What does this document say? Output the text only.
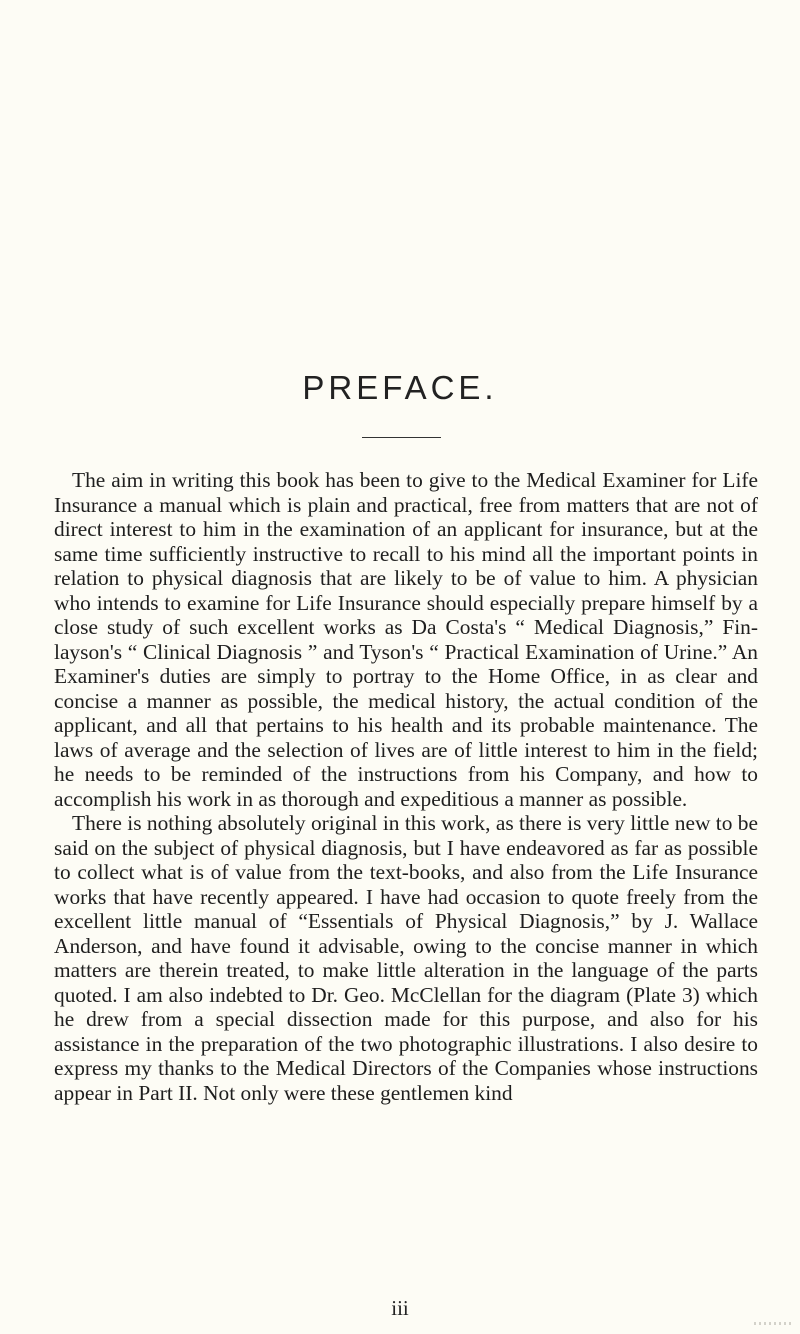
PREFACE.

The aim in writing this book has been to give to the Medical Examiner for Life Insurance a manual which is plain and practical, free from matters that are not of direct interest to him in the examination of an applicant for insurance, but at the same time sufficiently instructive to recall to his mind all the important points in relation to physical diagnosis that are likely to be of value to him. A physician who intends to examine for Life Insurance should especially prepare himself by a close study of such excellent works as Da Costa's “ Medical Diagnosis,” Finlayson's “ Clinical Diagnosis ” and Tyson's “ Practical Examination of Urine.” An Examiner's duties are simply to portray to the Home Office, in as clear and concise a manner as possible, the medical history, the actual condition of the applicant, and all that pertains to his health and its probable maintenance. The laws of average and the selection of lives are of little interest to him in the field; he needs to be reminded of the instructions from his Company, and how to accomplish his work in as thorough and expeditious a manner as possible.

There is nothing absolutely original in this work, as there is very little new to be said on the subject of physical diagnosis, but I have endeavored as far as possible to collect what is of value from the text-books, and also from the Life Insurance works that have recently appeared. I have had occasion to quote freely from the excellent little manual of “Essentials of Physical Diagnosis,” by J. Wallace Anderson, and have found it advisable, owing to the concise manner in which matters are therein treated, to make little alteration in the language of the parts quoted. I am also indebted to Dr. Geo. McClellan for the diagram (Plate 3) which he drew from a special dissection made for this purpose, and also for his assistance in the preparation of the two photographic illustrations. I also desire to express my thanks to the Medical Directors of the Companies whose instructions appear in Part II. Not only were these gentlemen kind

iii
